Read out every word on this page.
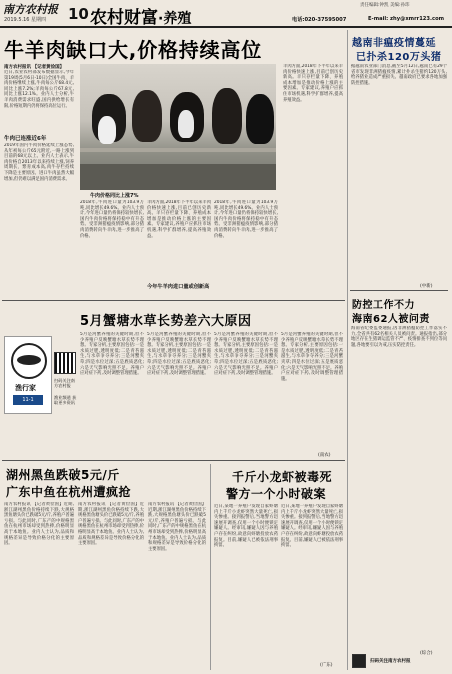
南方农村报
2019.5.16 星期四 10 农村财富·养殖
责任编辑:钟凯 美编:孙玮
电话:020-37595007	E-mail: zhy@xmrr123.com
牛羊肉缺口大,价格持续高位
南方农村报讯 【记者黄俭国】
近日,农业农村部发布数据显示,今年第19周(5月6日-10日)全国牛肉、羊肉价格继续上涨,牛肉每公斤68.4元,同比上涨7.2%;羊肉每公斤67.8元,同比上涨12.1%。业内人士分析,牛羊肉消费需求旺盛,国内供给增长有限,价格短期内仍将保持高位运行。
牛肉已连涨近6年
2019年国内牛肉价格延续上涨态势,从年初每公斤65元附近,一路上涨到目前的68元以上。业内人士表示,牛肉价格自2013年以来持续上涨,饲养周期长、繁育成本高,肉牛存栏持续下降是主要原因。进口牛肉虽然大幅增加,但仍难以满足国内消费需求。
牛肉价格同比上涨7%
2018年,牛肉进口量为103.9万吨,同比增长49.6%。业内人士预计,今年进口量仍将保持较快增长,国内牛肉价格将保持稳中有升态势。受非洲猪瘟疫情影响,部分猪肉消费转向牛羊肉,进一步推高了价格。
羊肉方面,2018年下半年以来羊肉价格快速上涨,目前已创历史新高。羊只存栏量下降、养殖成本增加是推动价格上涨的主要因素。专家建议,养殖户应抓住市场机遇,科学扩群增养,提高养殖效益。
今年牛羊肉进口量或创新高
2018年,牛肉进口量为103.9万吨,同比增长49.6%。业内人士预计,今年进口量仍将保持较快增长,国内牛肉价格将保持稳中有升态势。受非洲猪瘟疫情影响,部分猪肉消费转向牛羊肉,进一步推高了价格。
羊肉方面,2018年下半年以来羊肉价格快速上涨,目前已创历史新高。羊只存栏量下降、养殖成本增加是推动价格上涨的主要因素。专家建议,养殖户应抓住市场机遇,科学扩群增养,提高养殖效益。
越南非瘟疫情蔓延
已扑杀120万头猪
据越南农业部门消息,截至5月12日,越南已有29个省市发现非洲猪瘟疫情,累计扑杀生猪约120万头,给养猪业造成严重损失。越南政府已要求各地加强防控措施。
(中新)
防控工作不力
海南62人被问责
海南省纪委监委通报,因非洲猪瘟防控工作落实不力,全省共有62名相关人员被问责。通报指出,部分地区存在生猪调运监管不严、疫情排查不到位等问题,各地要引以为戒,压实防控责任。
(综合)
渔行家
11-1
扫码关注南方农村报
渔业频道 获取更多资讯
5月蟹塘水草长势差六大原因
5月是河蟹养殖的关键时期,但不少养殖户反映蟹塘水草长势不理想。专家分析,主要原因包括:一是水质过肥,透明度低;二是青苔滋生,与水草争夺养分;三是河蟹夹草;四是水位过深;五是底质恶化;六是天气影响光照不足。养殖户应对症下药,及时调整管理措施。
5月是河蟹养殖的关键时期,但不少养殖户反映蟹塘水草长势不理想。专家分析,主要原因包括:一是水质过肥,透明度低;二是青苔滋生,与水草争夺养分;三是河蟹夹草;四是水位过深;五是底质恶化;六是天气影响光照不足。养殖户应对症下药,及时调整管理措施。
5月是河蟹养殖的关键时期,但不少养殖户反映蟹塘水草长势不理想。专家分析,主要原因包括:一是水质过肥,透明度低;二是青苔滋生,与水草争夺养分;三是河蟹夹草;四是水位过深;五是底质恶化;六是天气影响光照不足。养殖户应对症下药,及时调整管理措施。
5月是河蟹养殖的关键时期,但不少养殖户反映蟹塘水草长势不理想。专家分析,主要原因包括:一是水质过肥,透明度低;二是青苔滋生,与水草争夺养分;三是河蟹夹草;四是水位过深;五是底质恶化;六是天气影响光照不足。养殖户应对症下药,及时调整管理措施。
(南农)
湖州黑鱼跌破5元/斤
广东中鱼在杭州遭疯抢
南方农村报讯 【记者黄俭国】近期,浙江湖州黑鱼价格持续下跌,大规格黑鱼塘头价已跌破5元/斤,养殖户普遍亏损。与此同时,广东产的中规格黑鱼在杭州市场却受到热捧,价格明显高于本地鱼。业内人士认为,品质和规格差异是导致价格分化的主要原因。
南方农村报讯 【记者黄俭国】近期,浙江湖州黑鱼价格持续下跌,大规格黑鱼塘头价已跌破5元/斤,养殖户普遍亏损。与此同时,广东产的中规格黑鱼在杭州市场却受到热捧,价格明显高于本地鱼。业内人士认为,品质和规格差异是导致价格分化的主要原因。
南方农村报讯 【记者黄俭国】近期,浙江湖州黑鱼价格持续下跌,大规格黑鱼塘头价已跌破5元/斤,养殖户普遍亏损。与此同时,广东产的中规格黑鱼在杭州市场却受到热捧,价格明显高于本地鱼。业内人士认为,品质和规格差异是导致价格分化的主要原因。
千斤小龙虾被毒死
警方一个小时破案
近日,某地一养殖户发现自家虾塘内上千斤小龙虾突然大量死亡,损失惨重。接到报警后,当地警方迅速展开调查,仅用一个小时便锁定嫌疑人。经审讯,嫌疑人因与养殖户存在纠纷,故意向虾塘投放农药报复。目前,嫌疑人已被依法刑事拘留。
近日,某地一养殖户发现自家虾塘内上千斤小龙虾突然大量死亡,损失惨重。接到报警后,当地警方迅速展开调查,仅用一个小时便锁定嫌疑人。经审讯,嫌疑人因与养殖户存在纠纷,故意向虾塘投放农药报复。目前,嫌疑人已被依法刑事拘留。
(广东)
扫码关注南方农村报
